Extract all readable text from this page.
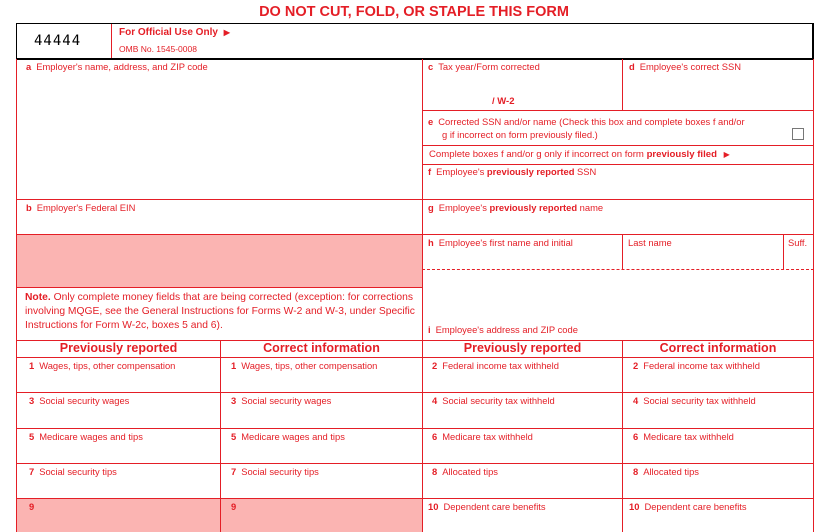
DO NOT CUT, FOLD, OR STAPLE THIS FORM
44444
For Official Use Only ▶
OMB No. 1545-0008
a Employer's name, address, and ZIP code	c Tax year/Form corrected
/ W-2
d Employee's correct SSN
e Corrected SSN and/or name (Check this box and complete boxes f and/or
g if incorrect on form previously filed.)
Complete boxes f and/or g only if incorrect on form previously filed ▶
f Employee's previously reported SSN
b Employer's Federal EIN	g Employee's previously reported name
h Employee's first name and initial	Last name	Suff.
Note. Only complete money fields that are being corrected (exception: for corrections involving MQGE, see the General Instructions for Forms W-2 and W-3, under Specific Instructions for Form W-2c, boxes 5 and 6).	i Employee's address and ZIP code
Previously reported	Correct information	Previously reported	Correct information
1 Wages, tips, other compensation	1 Wages, tips, other compensation	2 Federal income tax withheld	2 Federal income tax withheld
3 Social security wages	3 Social security wages	4 Social security tax withheld	4 Social security tax withheld
5 Medicare wages and tips	5 Medicare wages and tips	6 Medicare tax withheld	6 Medicare tax withheld
7 Social security tips	7 Social security tips	8 Allocated tips	8 Allocated tips
9	9	10 Dependent care benefits	10 Dependent care benefits
